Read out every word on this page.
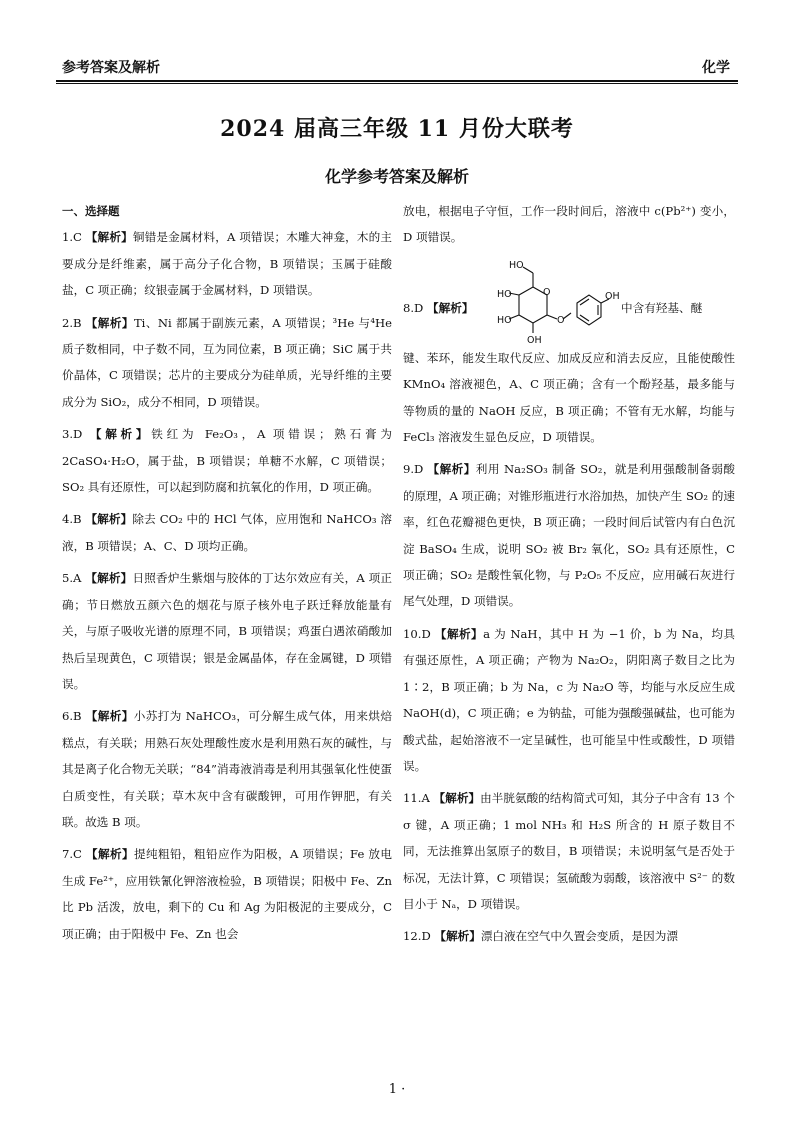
参考答案及解析	化学
2024 届高三年级 11 月份大联考
化学参考答案及解析
一、选择题
1.C 【解析】铜错是金属材料，A 项错误；木雕大神龛，木的主要成分是纤维素，属于高分子化合物，B 项错误；玉属于硅酸盐，C 项正确；纹银壶属于金属材料，D 项错误。
2.B 【解析】Ti、Ni 都属于副族元素，A 项错误；³He 与⁴He 质子数相同，中子数不同，互为同位素，B 项正确；SiC 属于共价晶体，C 项错误；芯片的主要成分为硅单质，光导纤维的主要成分为 SiO₂，成分不相同，D 项错误。
3.D 【解析】铁红为 Fe₂O₃，A 项错误；熟石膏为 2CaSO₄·H₂O，属于盐，B 项错误；单糖不水解，C 项错误；SO₂ 具有还原性，可以起到防腐和抗氧化的作用，D 项正确。
4.B 【解析】除去 CO₂ 中的 HCl 气体，应用饱和 NaHCO₃ 溶液，B 项错误；A、C、D 项均正确。
5.A 【解析】日照香炉生紫烟与胶体的丁达尔效应有关，A 项正确；节日燃放五颜六色的烟花与原子核外电子跃迁释放能量有关，与原子吸收光谱的原理不同，B 项错误；鸡蛋白遇浓硝酸加热后呈现黄色，C 项错误；银是金属晶体，存在金属键，D 项错误。
6.B 【解析】小苏打为 NaHCO₃，可分解生成气体，用来烘焙糕点，有关联；用熟石灰处理酸性废水是利用熟石灰的碱性，与其是离子化合物无关联；“84”消毒液消毒是利用其强氧化性使蛋白质变性，有关联；草木灰中含有碳酸钾，可用作钾肥，有关联。故选 B 项。
7.C 【解析】提纯粗铅，粗铅应作为阳极，A 项错误；Fe 放电生成 Fe²⁺，应用铁氰化钾溶液检验，B 项错误；阳极中 Fe、Zn 比 Pb 活泼，放电，剩下的 Cu 和 Ag 为阳极泥的主要成分，C 项正确；由于阳极中 Fe、Zn 也会
放电，根据电子守恒，工作一段时间后，溶液中 c(Pb²⁺) 变小，D 项错误。
8.D 【解析】
HO
HO
HO
OH
O
O
OH
中含有羟基、醚
键、苯环，能发生取代反应、加成反应和消去反应，且能使酸性 KMnO₄ 溶液褪色，A、C 项正确；含有一个酚羟基，最多能与等物质的量的 NaOH 反应，B 项正确；不管有无水解，均能与 FeCl₃ 溶液发生显色反应，D 项错误。
9.D 【解析】利用 Na₂SO₃ 制备 SO₂，就是利用强酸制备弱酸的原理，A 项正确；对锥形瓶进行水浴加热，加快产生 SO₂ 的速率，红色花瓣褪色更快，B 项正确；一段时间后试管内有白色沉淀 BaSO₄ 生成，说明 SO₂ 被 Br₂ 氧化，SO₂ 具有还原性，C 项正确；SO₂ 是酸性氧化物，与 P₂O₅ 不反应，应用碱石灰进行尾气处理，D 项错误。
10.D 【解析】a 为 NaH，其中 H 为 −1 价，b 为 Na，均具有强还原性，A 项正确；产物为 Na₂O₂，阴阳离子数目之比为 1∶2，B 项正确；b 为 Na，c 为 Na₂O 等，均能与水反应生成 NaOH(d)，C 项正确；e 为钠盐，可能为强酸强碱盐，也可能为酸式盐，起始溶液不一定呈碱性，也可能呈中性或酸性，D 项错误。
11.A 【解析】由半胱氨酸的结构简式可知，其分子中含有 13 个 σ 键，A 项正确；1 mol NH₃ 和 H₂S 所含的 H 原子数目不同，无法推算出氢原子的数目，B 项错误；未说明氢气是否处于标况，无法计算，C 项错误；氢硫酸为弱酸，该溶液中 S²⁻ 的数目小于 Nₐ，D 项错误。
12.D 【解析】漂白液在空气中久置会变质，是因为漂
1 ·
